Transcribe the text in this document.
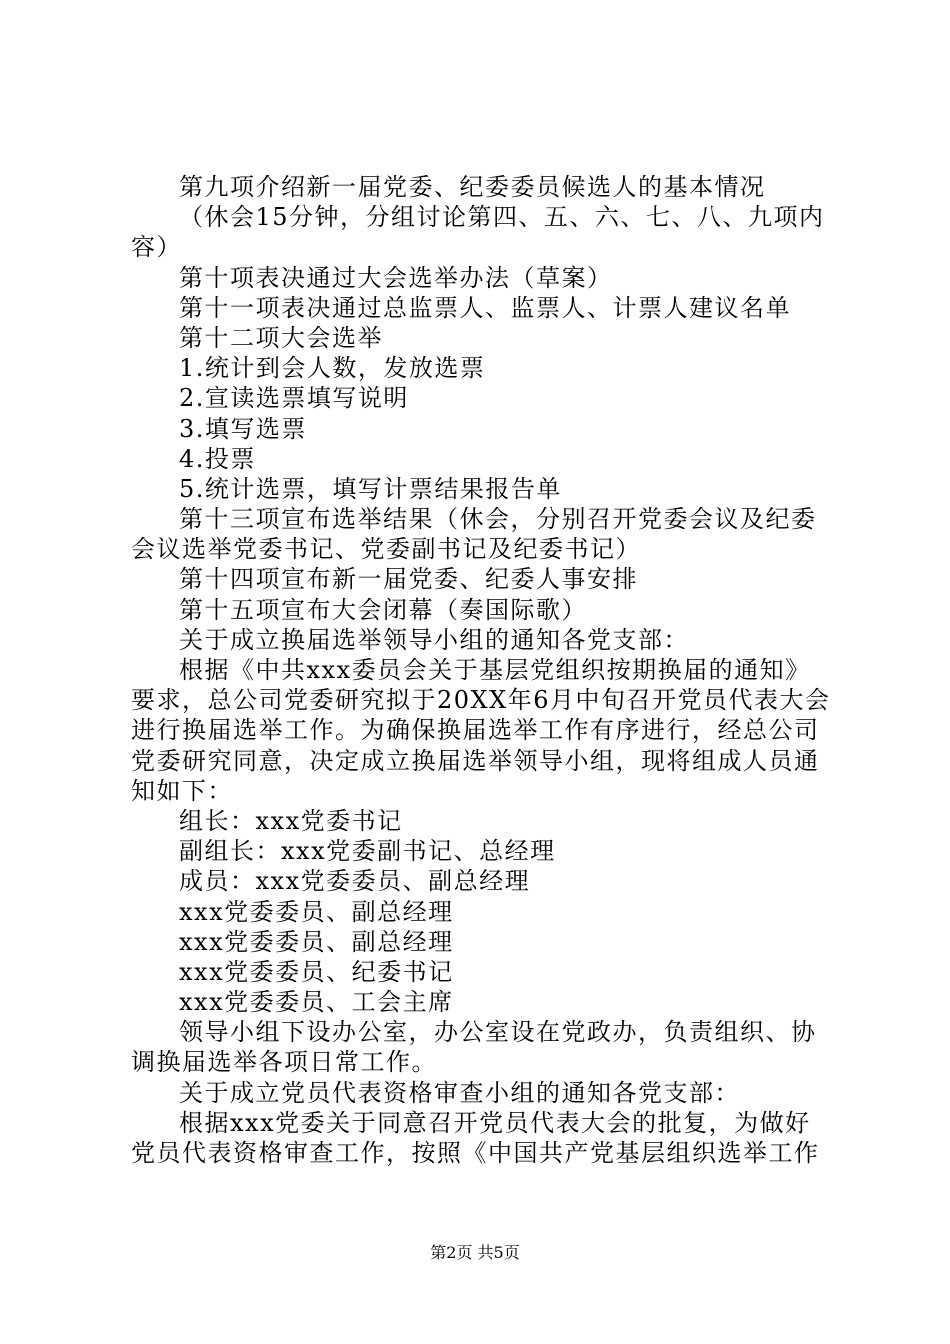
第九项介绍新一届党委、纪委委员候选人的基本情况
（休会15分钟，分组讨论第四、五、六、七、八、九项内
容）
第十项表决通过大会选举办法（草案）
第十一项表决通过总监票人、监票人、计票人建议名单
第十二项大会选举
1.统计到会人数，发放选票
2.宣读选票填写说明
3.填写选票
4.投票
5.统计选票，填写计票结果报告单
第十三项宣布选举结果（休会，分别召开党委会议及纪委
会议选举党委书记、党委副书记及纪委书记）
第十四项宣布新一届党委、纪委人事安排
第十五项宣布大会闭幕（奏国际歌）
关于成立换届选举领导小组的通知各党支部：
根据《中共xxx委员会关于基层党组织按期换届的通知》
要求，总公司党委研究拟于20XX年6月中旬召开党员代表大会
进行换届选举工作。为确保换届选举工作有序进行，经总公司
党委研究同意，决定成立换届选举领导小组，现将组成人员通
知如下：
组长：xxx党委书记
副组长：xxx党委副书记、总经理
成员：xxx党委委员、副总经理
xxx党委委员、副总经理
xxx党委委员、副总经理
xxx党委委员、纪委书记
xxx党委委员、工会主席
领导小组下设办公室，办公室设在党政办，负责组织、协
调换届选举各项日常工作。
关于成立党员代表资格审查小组的通知各党支部：
根据xxx党委关于同意召开党员代表大会的批复，为做好
党员代表资格审查工作，按照《中国共产党基层组织选举工作
第2页 共5页
